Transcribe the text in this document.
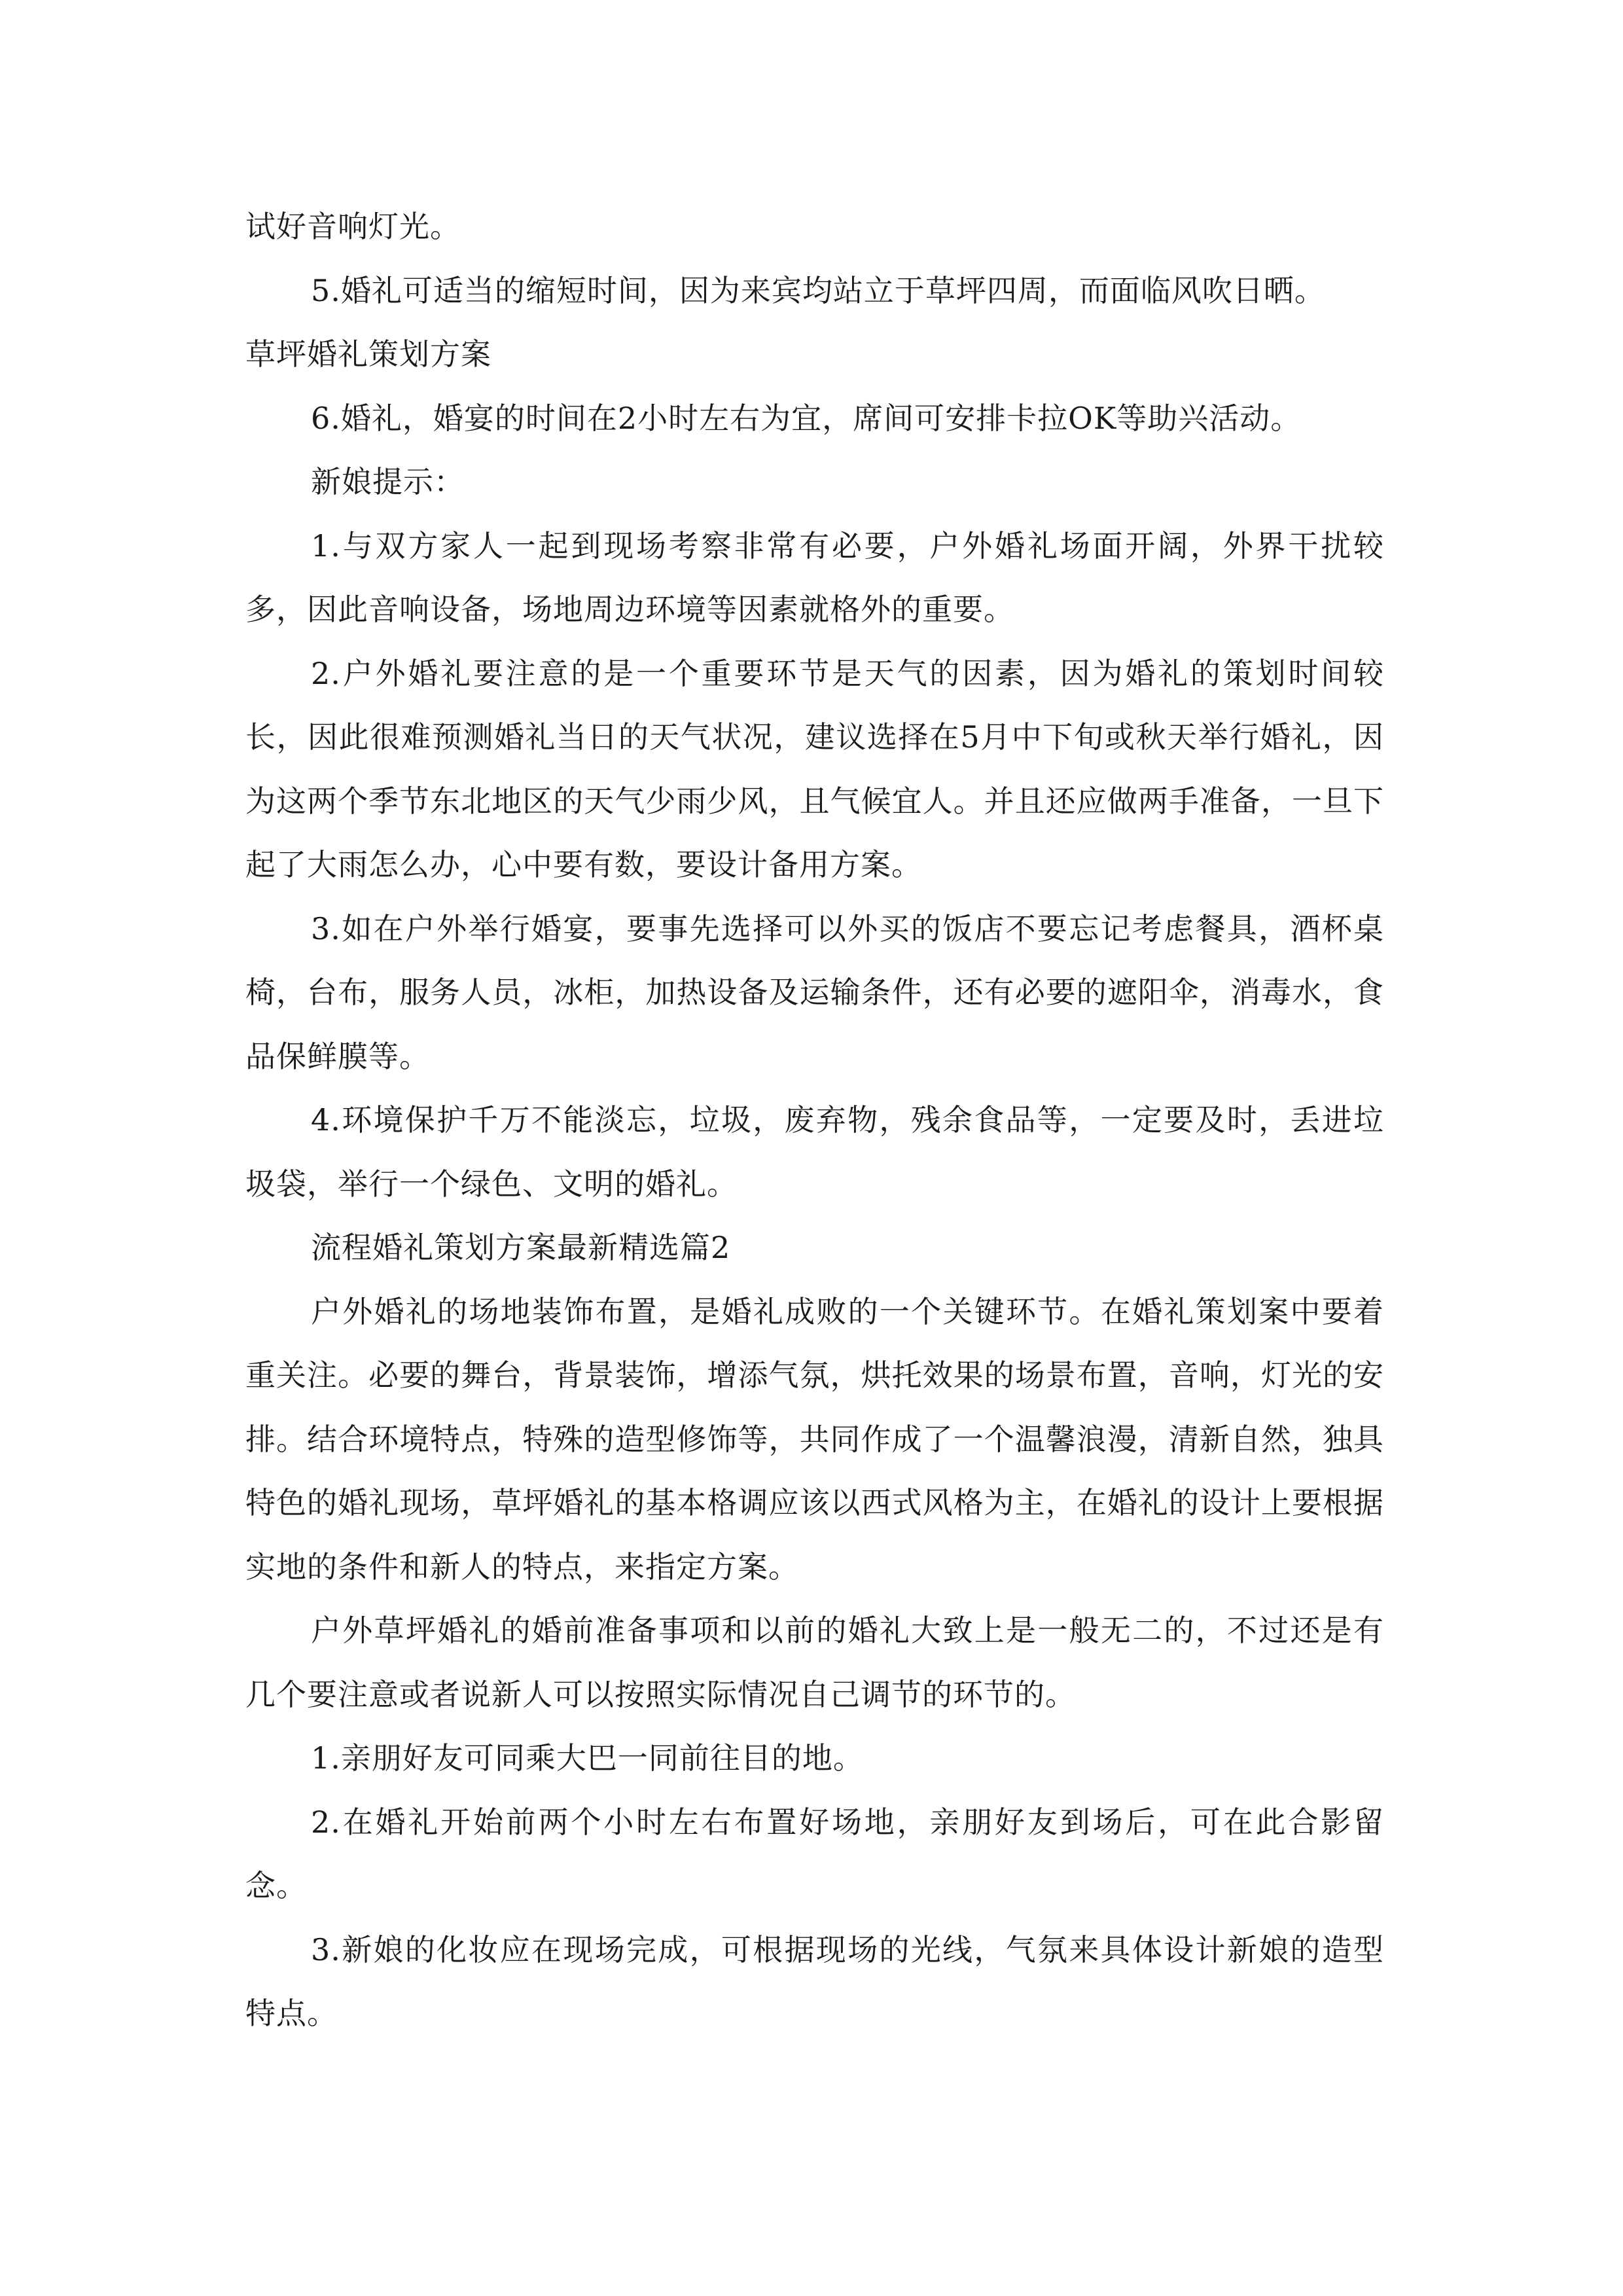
试好音响灯光。

5.婚礼可适当的缩短时间，因为来宾均站立于草坪四周，而面临风吹日晒。

草坪婚礼策划方案

6.婚礼，婚宴的时间在2小时左右为宜，席间可安排卡拉OK等助兴活动。

新娘提示：

1.与双方家人一起到现场考察非常有必要，户外婚礼场面开阔，外界干扰较多，因此音响设备，场地周边环境等因素就格外的重要。

2.户外婚礼要注意的是一个重要环节是天气的因素，因为婚礼的策划时间较长，因此很难预测婚礼当日的天气状况，建议选择在5月中下旬或秋天举行婚礼，因为这两个季节东北地区的天气少雨少风，且气候宜人。并且还应做两手准备，一旦下起了大雨怎么办，心中要有数，要设计备用方案。

3.如在户外举行婚宴，要事先选择可以外买的饭店不要忘记考虑餐具，酒杯桌椅，台布，服务人员，冰柜，加热设备及运输条件，还有必要的遮阳伞，消毒水，食品保鲜膜等。

4.环境保护千万不能淡忘，垃圾，废弃物，残余食品等，一定要及时，丢进垃圾袋，举行一个绿色、文明的婚礼。

流程婚礼策划方案最新精选篇2

户外婚礼的场地装饰布置，是婚礼成败的一个关键环节。在婚礼策划案中要着重关注。必要的舞台，背景装饰，增添气氛，烘托效果的场景布置，音响，灯光的安排。结合环境特点，特殊的造型修饰等，共同作成了一个温馨浪漫，清新自然，独具特色的婚礼现场，草坪婚礼的基本格调应该以西式风格为主，在婚礼的设计上要根据实地的条件和新人的特点，来指定方案。

户外草坪婚礼的婚前准备事项和以前的婚礼大致上是一般无二的，不过还是有几个要注意或者说新人可以按照实际情况自己调节的环节的。

1.亲朋好友可同乘大巴一同前往目的地。

2.在婚礼开始前两个小时左右布置好场地，亲朋好友到场后，可在此合影留念。

3.新娘的化妆应在现场完成，可根据现场的光线，气氛来具体设计新娘的造型特点。
